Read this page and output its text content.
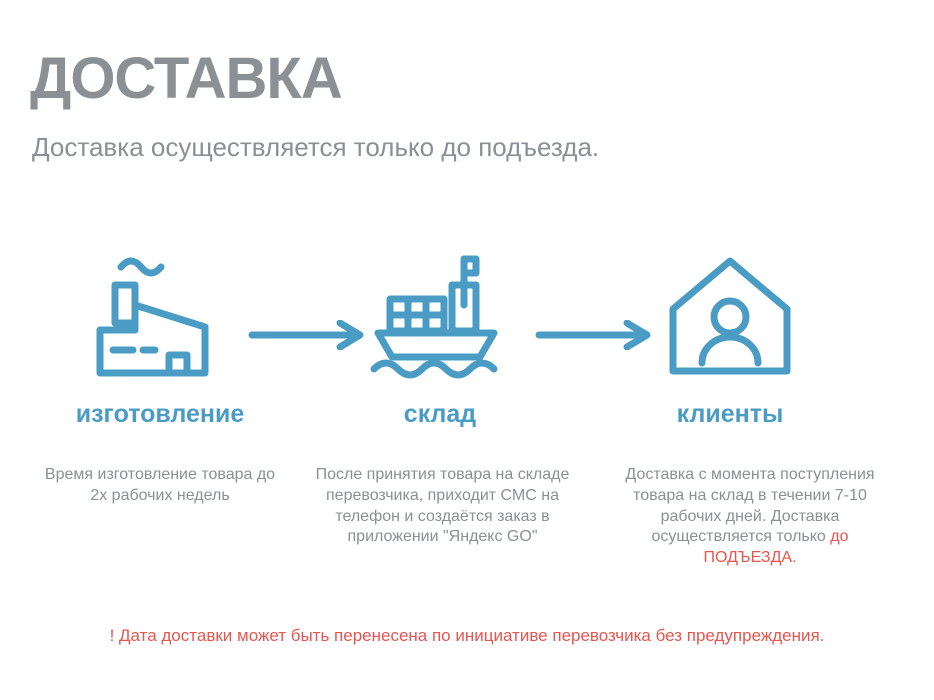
ДОСТАВКА
Доставка осуществляется только до подъезда.
изготовление	склад	клиенты
Время изготовление товара до 2х рабочих недель
После принятия товара на складе перевозчика, приходит СМС на телефон и создаётся заказ в приложении "Яндекс GO"
Доставка с момента поступления товара на склад в течении 7-10 рабочих дней. Доставка осуществляется только до ПОДЪЕЗДА.
! Дата доставки может быть перенесена по инициативе перевозчика без предупреждения.
